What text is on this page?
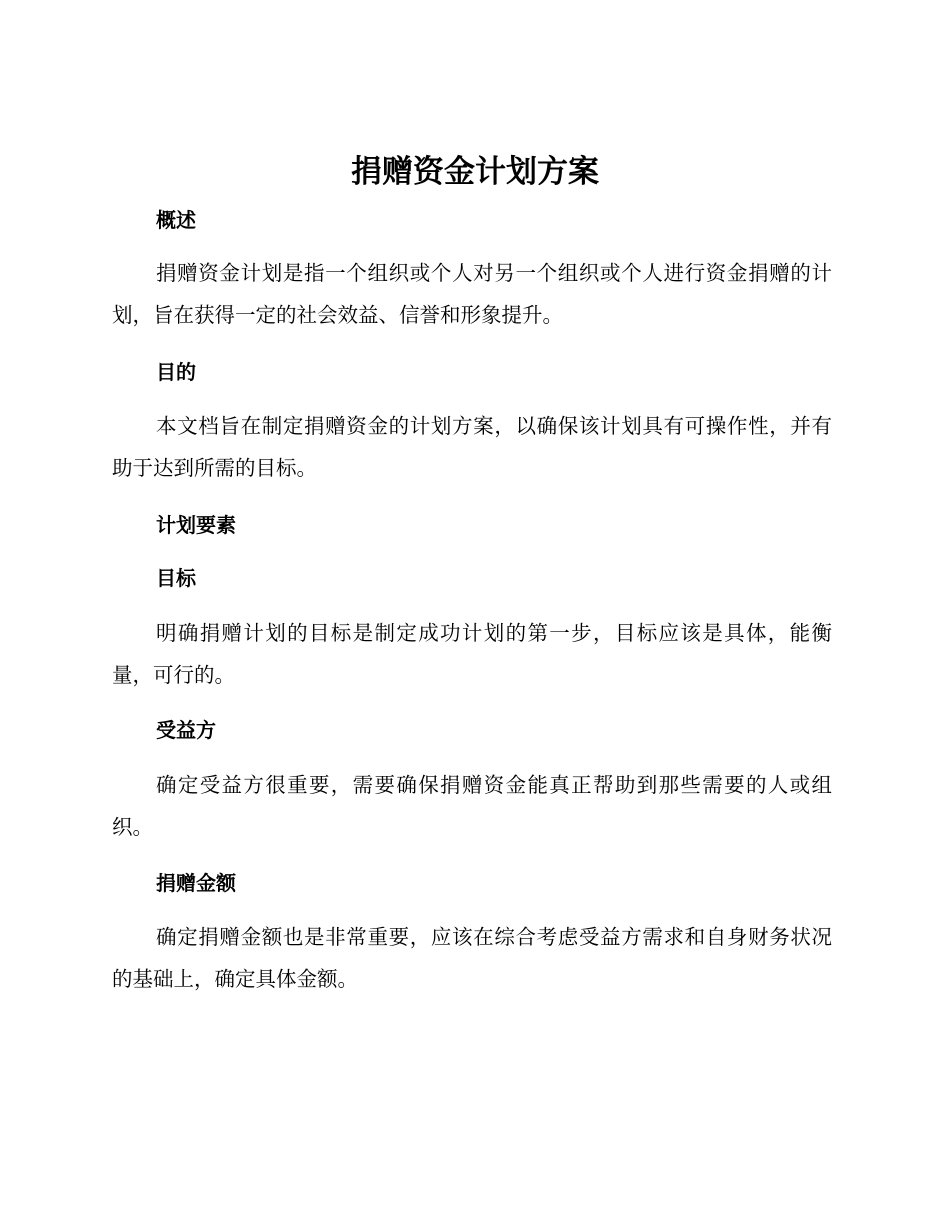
捐赠资金计划方案
概述

捐赠资金计划是指一个组织或个人对另一个组织或个人进行资金捐赠的计划，旨在获得一定的社会效益、信誉和形象提升。

目的

本文档旨在制定捐赠资金的计划方案，以确保该计划具有可操作性，并有助于达到所需的目标。

计划要素
目标

明确捐赠计划的目标是制定成功计划的第一步，目标应该是具体，能衡量，可行的。

受益方

确定受益方很重要，需要确保捐赠资金能真正帮助到那些需要的人或组织。

捐赠金额

确定捐赠金额也是非常重要，应该在综合考虑受益方需求和自身财务状况的基础上，确定具体金额。
